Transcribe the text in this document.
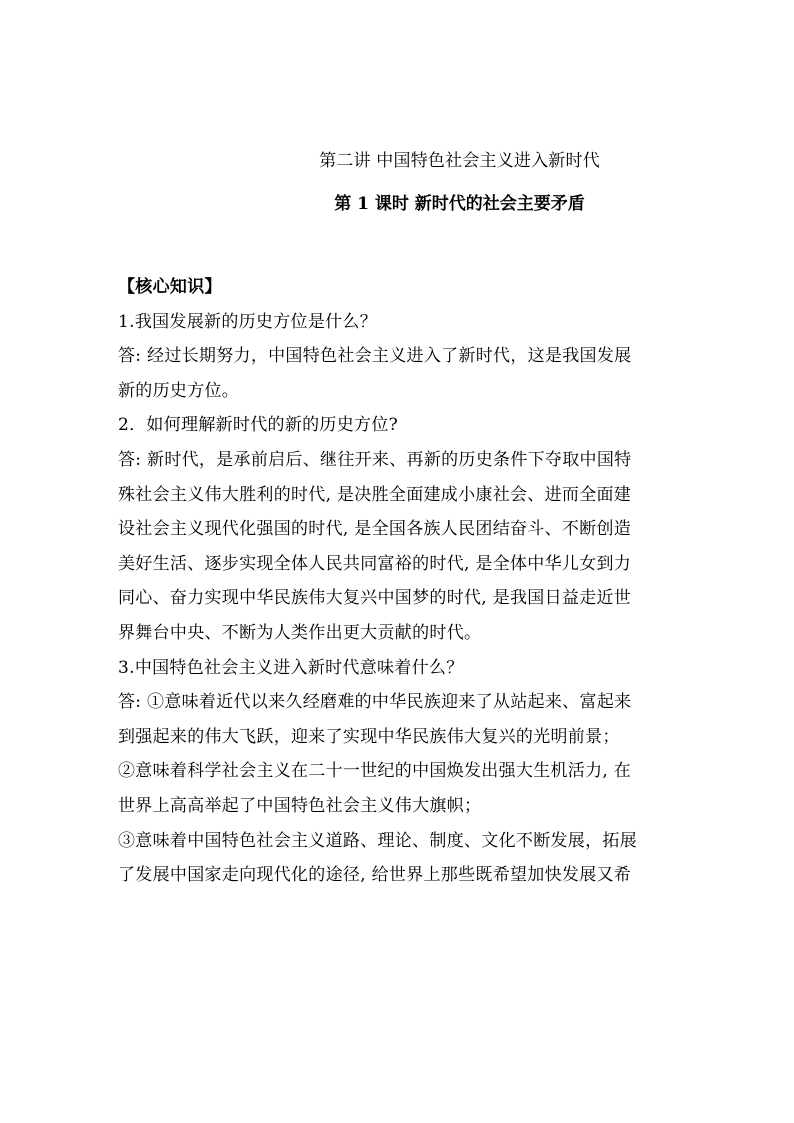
第二讲 中国特色社会主义进入新时代
第 1 课时 新时代的社会主要矛盾

【核心知识】

1.我国发展新的历史方位是什么？

答: 经过长期努力，中国特色社会主义进入了新时代，这是我国发展

新的历史方位。

2．如何理解新时代的新的历史方位?

答: 新时代，是承前启后、继往开来、再新的历史条件下夺取中国特

殊社会主义伟大胜利的时代, 是决胜全面建成小康社会、进而全面建

设社会主义现代化强国的时代, 是全国各族人民团结奋斗、不断创造

美好生活、逐步实现全体人民共同富裕的时代, 是全体中华儿女到力

同心、奋力实现中华民族伟大复兴中国梦的时代, 是我国日益走近世

界舞台中央、不断为人类作出更大贡献的时代。

3.中国特色社会主义进入新时代意味着什么？

答: ①意味着近代以来久经磨难的中华民族迎来了从站起来、富起来

到强起来的伟大飞跃，迎来了实现中华民族伟大复兴的光明前景；

②意味着科学社会主义在二十一世纪的中国焕发出强大生机活力, 在

世界上高高举起了中国特色社会主义伟大旗帜；

③意味着中国特色社会主义道路、理论、制度、文化不断发展，拓展

了发展中国家走向现代化的途径, 给世界上那些既希望加快发展又希
